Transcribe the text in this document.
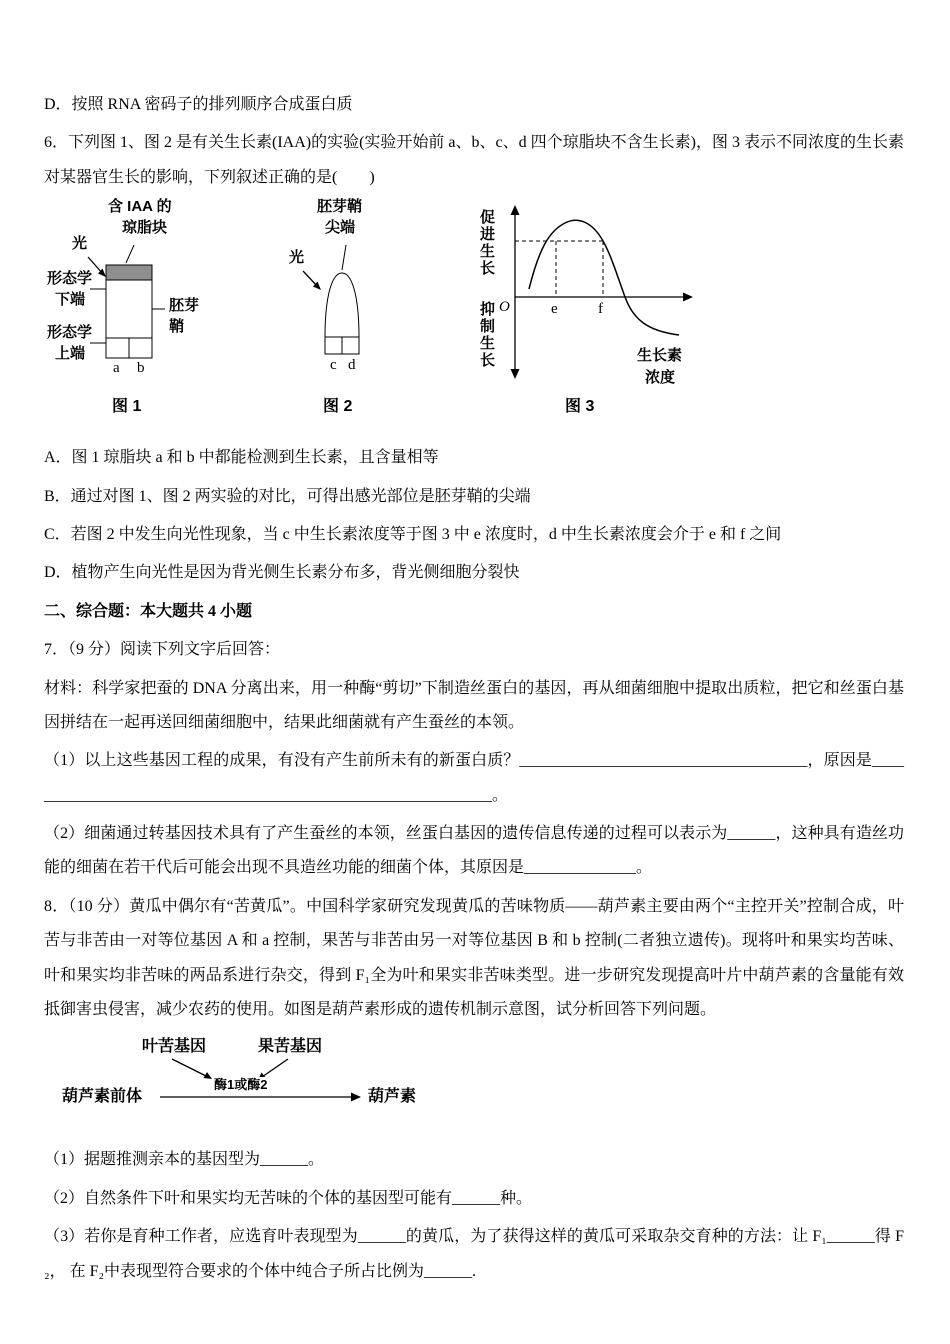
D．按照 RNA 密码子的排列顺序合成蛋白质

6．下列图 1、图 2 是有关生长素(IAA)的实验(实验开始前 a、b、c、d 四个琼脂块不含生长素)，图 3 表示不同浓度的生长素对某器官生长的影响，下列叙述正确的是(　　)

含 IAA 的
琼脂块
光
形态学
下端	胚芽
鞘
形态学
上端
a b
图 1
胚芽鞘
尖端
光
c d
图 2
促进生长
抑制生长 O	e	f
生长素
浓度
图 3

A．图 1 琼脂块 a 和 b 中都能检测到生长素，且含量相等

B．通过对图 1、图 2 两实验的对比，可得出感光部位是胚芽鞘的尖端

C．若图 2 中发生向光性现象，当 c 中生长素浓度等于图 3 中 e 浓度时，d 中生长素浓度会介于 e 和 f 之间

D．植物产生向光性是因为背光侧生长素分布多，背光侧细胞分裂快

二、综合题：本大题共 4 小题

7．（9 分）阅读下列文字后回答：

材料：科学家把蚕的 DNA 分离出来，用一种酶“剪切”下制造丝蛋白的基因，再从细菌细胞中提取出质粒，把它和丝蛋白基因拼结在一起再送回细菌细胞中，结果此细菌就有产生蚕丝的本领。

（1）以上这些基因工程的成果，有没有产生前所未有的新蛋白质？____________________________________，原因是____________________________________________________________。

（2）细菌通过转基因技术具有了产生蚕丝的本领，丝蛋白基因的遗传信息传递的过程可以表示为______，这种具有造丝功能的细菌在若干代后可能会出现不具造丝功能的细菌个体，其原因是______________。

8．（10 分）黄瓜中偶尔有“苦黄瓜”。中国科学家研究发现黄瓜的苦味物质——葫芦素主要由两个“主控开关”控制合成，叶苦与非苦由一对等位基因 A 和 a 控制，果苦与非苦由另一对等位基因 B 和 b 控制(二者独立遗传)。现将叶和果实均苦味、叶和果实均非苦味的两品系进行杂交，得到 F₁全为叶和果实非苦味类型。进一步研究发现提高叶片中葫芦素的含量能有效抵御害虫侵害，减少农药的使用。如图是葫芦素形成的遗传机制示意图，试分析回答下列问题。

叶苦基因	果苦基因
酶1或酶2
葫芦素前体	葫芦素

（1）据题推测亲本的基因型为______。

（2）自然条件下叶和果实均无苦味的个体的基因型可能有______种。

（3）若你是育种工作者，应选育叶表现型为______的黄瓜，为了获得这样的黄瓜可采取杂交育种的方法：让 F₁______得 F₂， 在 F₂中表现型符合要求的个体中纯合子所占比例为______.
